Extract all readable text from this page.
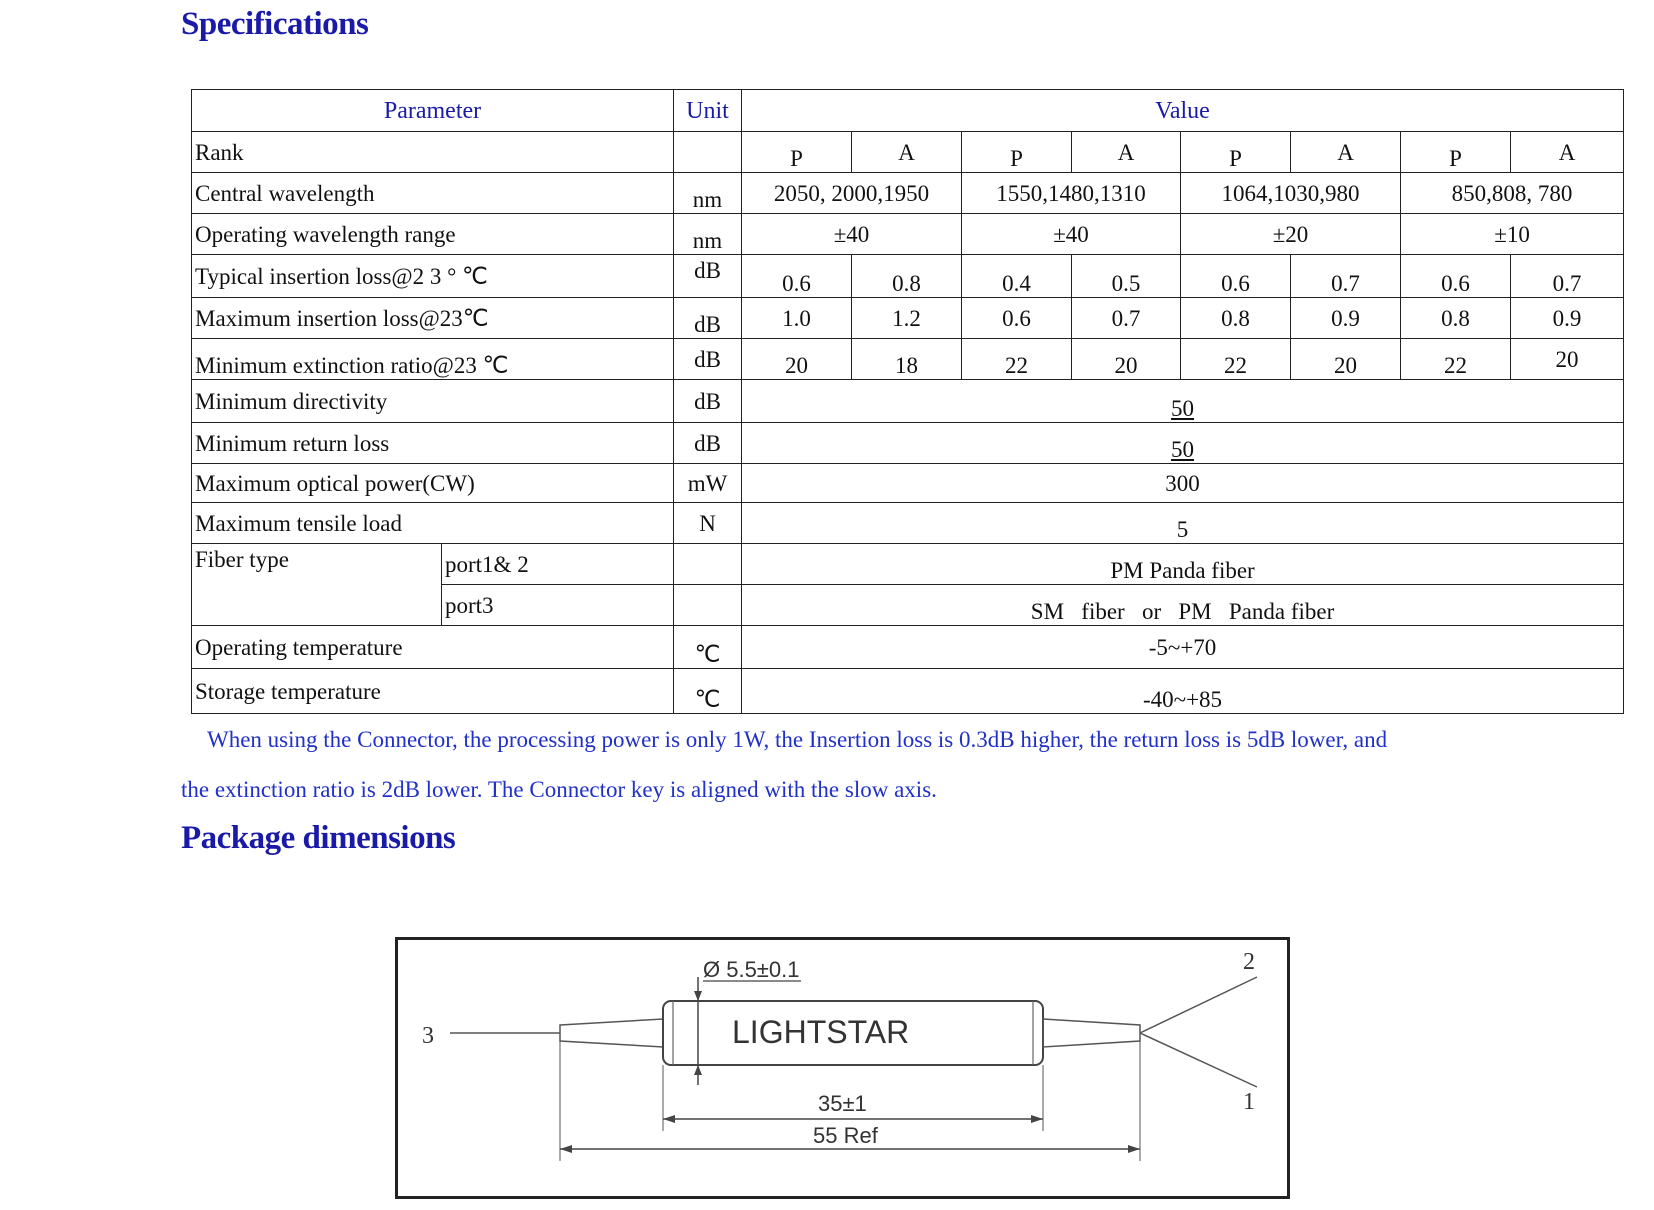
Specifications
Parameter		Unit	Value							
Rank			P	A	P	A	P	A	P	A
Central wavelength		nm	2050, 2000,1950		1550,1480,1310		1064,1030,980		850,808, 780	
Operating wavelength range		nm	±40		±40		±20		±10	
Typical insertion loss@2 3 ° ℃		dB	0.6	0.8	0.4	0.5	0.6	0.7	0.6	0.7
Maximum insertion loss@23℃		dB	1.0	1.2	0.6	0.7	0.8	0.9	0.8	0.9
Minimum extinction ratio@23 ℃		dB	20	18	22	20	22	20	22	20
Minimum directivity		dB	50							
Minimum return loss		dB	50							
Maximum optical power(CW)		mW	300							
Maximum tensile load		N	5							
Fiber type	port1& 2		PM Panda fiber							
	port3		SM   fiber   or   PM   Panda fiber							
Operating temperature		℃	-5~+70							
Storage temperature		℃	-40~+85							

When using the Connector, the processing power is only 1W, the Insertion loss is 0.3dB higher, the return loss is 5dB lower, and

the extinction ratio is 2dB lower. The Connector key is aligned with the slow axis.

Package dimensions
3	LIGHTSTAR
Ø 5.5±0.1	2
1
35±1
55 Ref
